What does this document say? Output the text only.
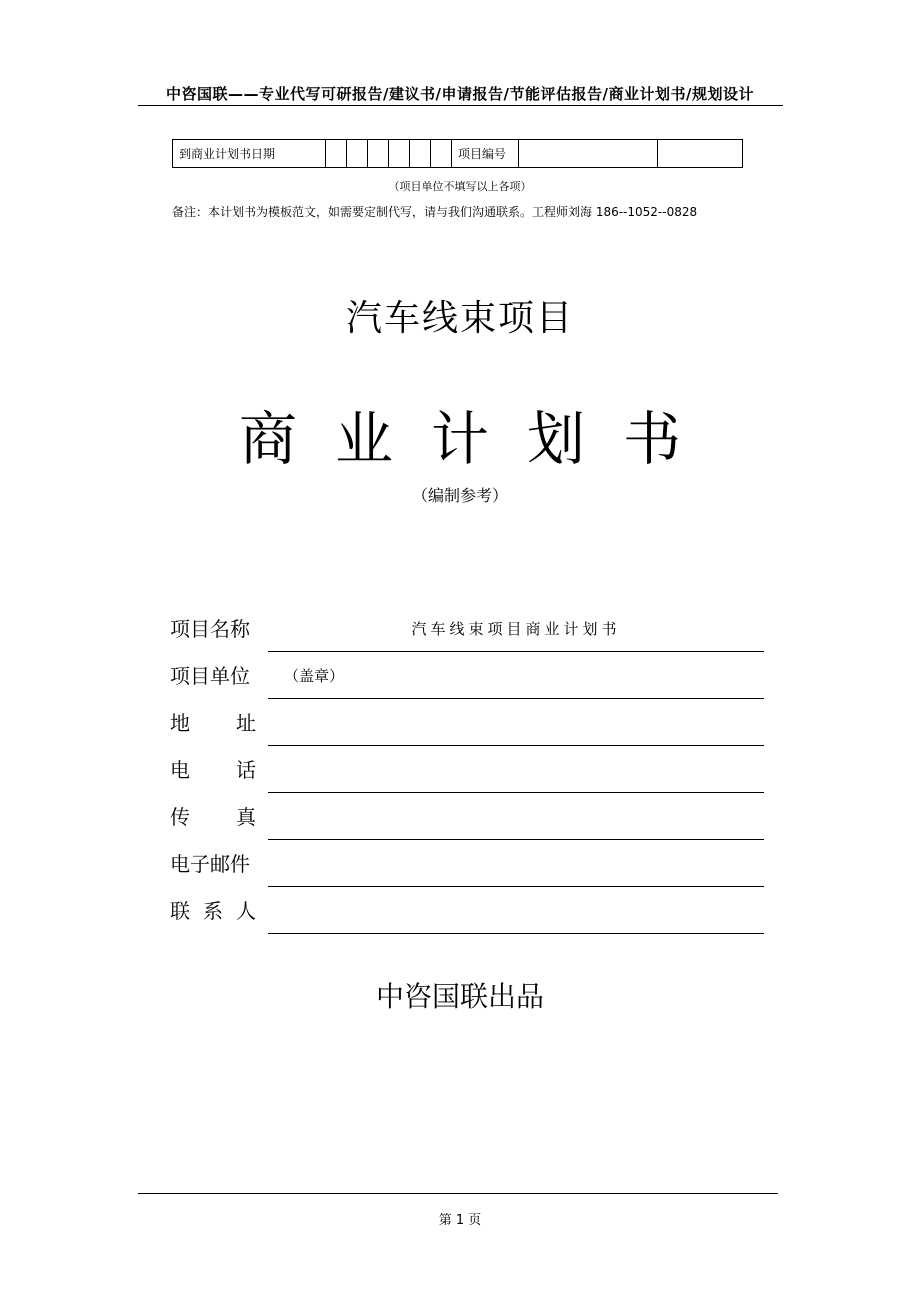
中咨国联——专业代写可研报告/建议书/申请报告/节能评估报告/商业计划书/规划设计
到商业计划书日期							项目编号		
（项目单位不填写以上各项）
备注：本计划书为模板范文，如需要定制代写，请与我们沟通联系。工程师刘海 186--1052--0828
汽车线束项目
商业计划书
（编制参考）
项目名称	汽车线束项目商业计划书
项目单位	（盖章）
地 址
电 话
传 真
电子邮件
联 系 人
中咨国联出品
第 1 页
